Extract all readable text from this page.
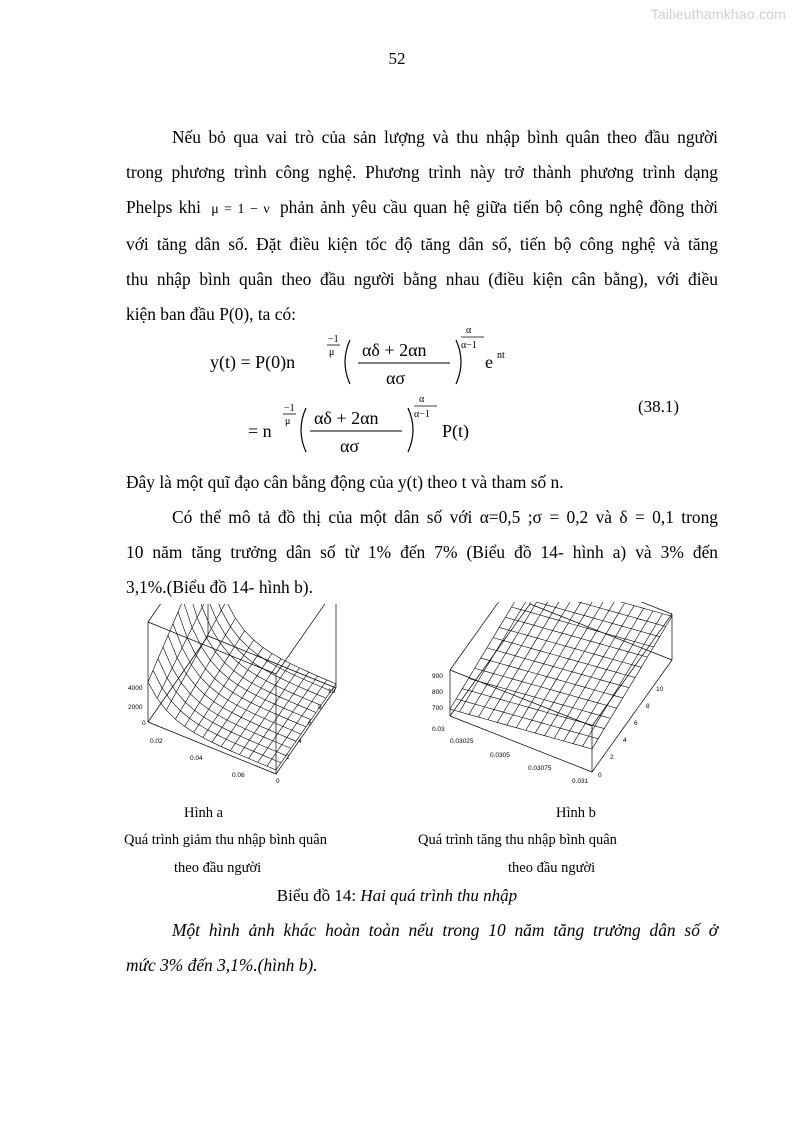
Tailieuthamkhao.com
52
Nếu bỏ qua vai trò của sản lượng và thu nhập bình quân theo đầu người
trong phương trình công nghệ. Phương trình này trở thành phương trình dạng
Phelps khi μ = 1 − ν phản ảnh yêu cầu quan hệ giữa tiến bộ công nghệ đồng thời
với tăng dân số. Đặt điều kiện tốc độ tăng dân số, tiến bộ công nghệ và tăng
thu nhập bình quân theo đầu người bằng nhau (điều kiện cân bằng), với điều
kiện ban đầu P(0), ta có:
y(t) = P(0)n
−1
μ αδ + 2αn
ασ
α
α−1
e nt
= n
−1
μ αδ + 2αn
ασ
α
α−1
P(t)
(38.1)
Đây là một quĩ đạo cân bằng động của y(t) theo t và tham số n.
Có thể mô tả đồ thị của một dân số với α=0,5 ;σ = 0,2 và δ = 0,1 trong
10 năm tăng trưởng dân số từ 1% đến 7% (Biểu đồ 14- hình a) và 3% đến
3,1%.(Biểu đồ 14- hình b).
4000
2000
0
0.02
0.04
0.06
0
2
4
6
8
10
900
800
700
0.03
0.03025
0.0305
0.03075
0.031
0
2
4
6
8
10
Hình a
Quá trình giảm thu nhập bình quân
theo đầu người
Hình b
Quá trình tăng thu nhập bình quân
theo đầu người
Biểu đồ 14: Hai quá trình thu nhập
Một hình ảnh khác hoàn toàn nếu trong 10 năm tăng trưởng dân số ở
mức 3% đến 3,1%.(hình b).
